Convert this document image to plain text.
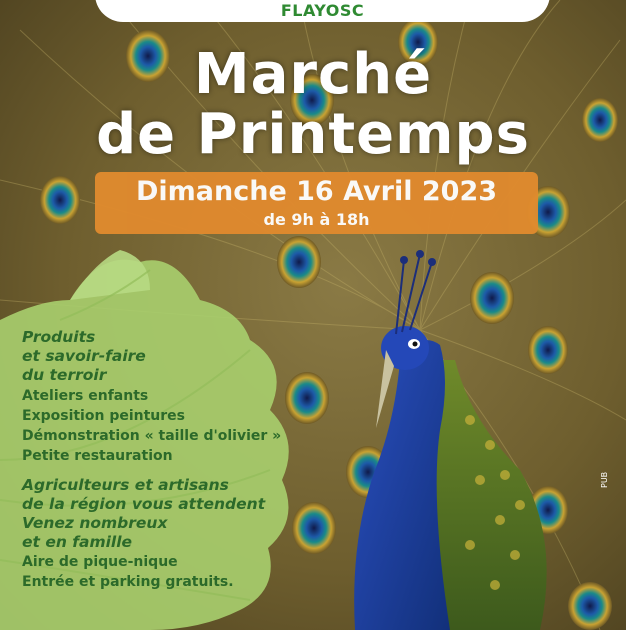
FLAYOSC
Marché
de Printemps
Dimanche 16 Avril 2023
de 9h à 18h
Produits
et savoir-faire
du terroir
Ateliers enfants
Exposition peintures
Démonstration « taille d'olivier »
Petite restauration
Agriculteurs et artisans
de la région vous attendent
Venez nombreux
et en famille
Aire de pique-nique
Entrée et parking gratuits.
PUB
